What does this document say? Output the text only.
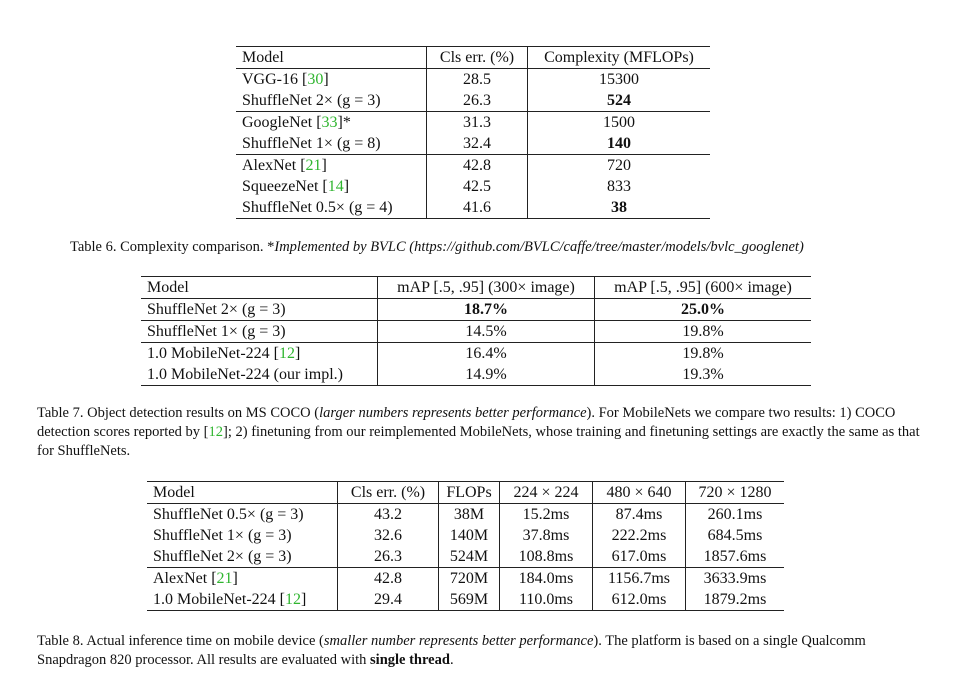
Model	Cls err. (%)	Complexity (MFLOPs)
VGG-16 [30]	28.5	15300
ShuffleNet 2× (g = 3)	26.3	524
GoogleNet [33]*	31.3	1500
ShuffleNet 1× (g = 8)	32.4	140
AlexNet [21]	42.8	720
SqueezeNet [14]	42.5	833
ShuffleNet 0.5× (g = 4)	41.6	38
Table 6. Complexity comparison. *Implemented by BVLC (https://github.com/BVLC/caffe/tree/master/models/bvlc_googlenet)
Model	mAP [.5, .95] (300× image)	mAP [.5, .95] (600× image)
ShuffleNet 2× (g = 3)	18.7%	25.0%
ShuffleNet 1× (g = 3)	14.5%	19.8%
1.0 MobileNet-224 [12]	16.4%	19.8%
1.0 MobileNet-224 (our impl.)	14.9%	19.3%
Table 7. Object detection results on MS COCO (larger numbers represents better performance). For MobileNets we compare two results: 1) COCO detection scores reported by [12]; 2) finetuning from our reimplemented MobileNets, whose training and finetuning settings are exactly the same as that for ShuffleNets.
Model	Cls err. (%)	FLOPs	224 × 224	480 × 640	720 × 1280
ShuffleNet 0.5× (g = 3)	43.2	38M	15.2ms	87.4ms	260.1ms
ShuffleNet 1× (g = 3)	32.6	140M	37.8ms	222.2ms	684.5ms
ShuffleNet 2× (g = 3)	26.3	524M	108.8ms	617.0ms	1857.6ms
AlexNet [21]	42.8	720M	184.0ms	1156.7ms	3633.9ms
1.0 MobileNet-224 [12]	29.4	569M	110.0ms	612.0ms	1879.2ms
Table 8. Actual inference time on mobile device (smaller number represents better performance). The platform is based on a single Qualcomm Snapdragon 820 processor. All results are evaluated with single thread.
